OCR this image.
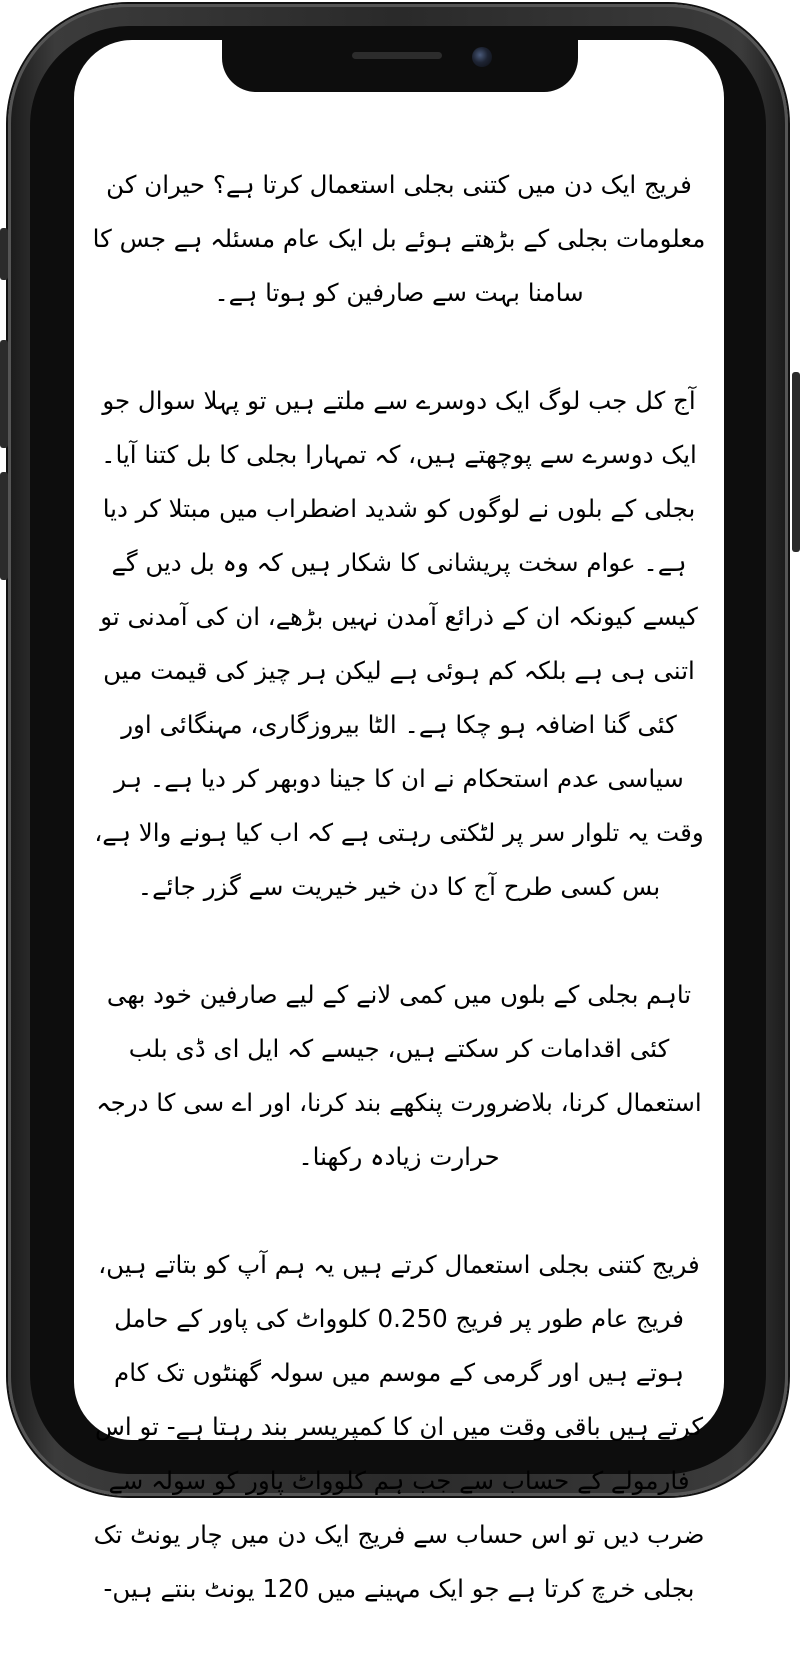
فریج ایک دن میں کتنی بجلی استعمال کرتا ہے؟ حیران کن معلومات بجلی کے بڑھتے ہوئے بل ایک عام مسئلہ ہے جس کا سامنا بہت سے صارفین کو ہوتا ہے۔

آج کل جب لوگ ایک دوسرے سے ملتے ہیں تو پہلا سوال جو ایک دوسرے سے پوچھتے ہیں، کہ تمہارا بجلی کا بل کتنا آیا۔ بجلی کے بلوں نے لوگوں کو شدید اضطراب میں مبتلا کر دیا ہے۔ عوام سخت پریشانی کا شکار ہیں کہ وہ بل دیں گے کیسے کیونکہ ان کے ذرائع آمدن نہیں بڑھے، ان کی آمدنی تو اتنی ہی ہے بلکہ کم ہوئی ہے لیکن ہر چیز کی قیمت میں کئی گنا اضافہ ہو چکا ہے۔ الٹا بیروزگاری، مہنگائی اور سیاسی عدم استحکام نے ان کا جینا دوبھر کر دیا ہے۔ ہر وقت یہ تلوار سر پر لٹکتی رہتی ہے کہ اب کیا ہونے والا ہے، بس کسی طرح آج کا دن خیر خیریت سے گزر جائے۔

تاہم بجلی کے بلوں میں کمی لانے کے لیے صارفین خود بھی کئی اقدامات کر سکتے ہیں، جیسے کہ ایل ای ڈی بلب استعمال کرنا، بلاضرورت پنکھے بند کرنا، اور اے سی کا درجہ حرارت زیادہ رکھنا۔

فریج کتنی بجلی استعمال کرتے ہیں یہ ہم آپ کو بتاتے ہیں، فریج عام طور پر فریج 0.250 کلوواٹ کی پاور کے حامل ہوتے ہیں اور گرمی کے موسم میں سولہ گھنٹوں تک کام کرتے ہیں باقی وقت میں ان کا کمپریسر بند رہتا ہے- تو اس فارمولے کے حساب سے جب ہم کلوواٹ پاور کو سولہ سے ضرب دیں تو اس حساب سے فریج ایک دن میں چار یونٹ تک بجلی خرچ کرتا ہے جو ایک مہینے میں 120 یونٹ بنتے ہیں-
